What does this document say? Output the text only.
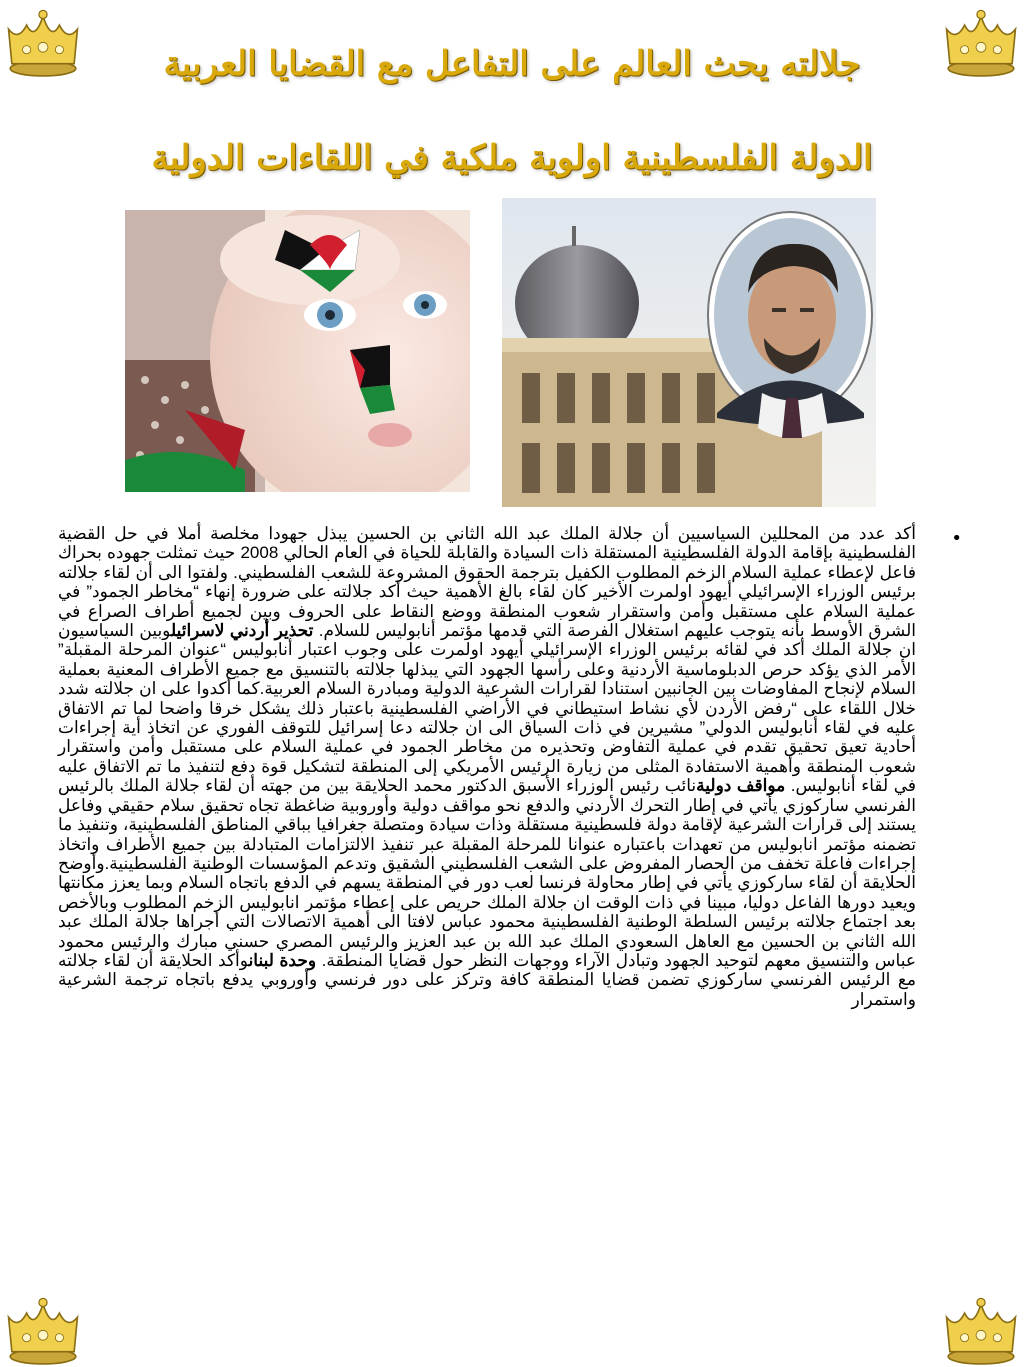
جلالته يحث العالم على التفاعل مع القضايا العربية
الدولة الفلسطينية اولوية ملكية في اللقاءات الدولية
•

أكد عدد من المحللين السياسيين أن جلالة الملك عبد الله الثاني بن الحسين يبذل جهودا مخلصة أملا في حل القضية الفلسطينية بإقامة الدولة الفلسطينية المستقلة ذات السيادة والقابلة للحياة في العام الحالي 2008 حيث تمثلت جهوده بحراك فاعل لإعطاء عملية السلام الزخم المطلوب الكفيل بترجمة الحقوق المشروعة للشعب الفلسطيني. ولفتوا الى أن لقاء جلالته برئيس الوزراء الإسرائيلي أيهود اولمرت الأخير كان لقاء بالغ الأهمية حيث أكد جلالته على ضرورة إنهاء “مخاطر الجمود” في عملية السلام على مستقبل وأمن واستقرار شعوب المنطقة ووضع النقاط على الحروف وبين لجميع أطراف الصراع في الشرق الأوسط بأنه يتوجب عليهم استغلال الفرصة التي قدمها مؤتمر أنابوليس للسلام. تحذير أردني لاسرائيلوبين السياسيون ان جلالة الملك أكد في لقائه برئيس الوزراء الإسرائيلي أيهود اولمرت على وجوب اعتبار أنابوليس “عنوان المرحلة المقبلة” الأمر الذي يؤكد حرص الدبلوماسية الأردنية وعلى رأسها الجهود التي يبذلها جلالته بالتنسيق مع جميع الأطراف المعنية بعملية السلام لإنجاح المفاوضات بين الجانبين استنادا لقرارات الشرعية الدولية ومبادرة السلام العربية.كما أكدوا على ان جلالته شدد خلال اللقاء على “رفض الأردن لأي نشاط استيطاني في الأراضي الفلسطينية باعتبار ذلك يشكل خرقا واضحا لما تم الاتفاق عليه في لقاء أنابوليس الدولي” مشيرين في ذات السياق الى ان جلالته دعا إسرائيل للتوقف الفوري عن اتخاذ أية إجراءات أحادية تعيق تحقيق تقدم في عملية التفاوض وتحذيره من مخاطر الجمود في عملية السلام على مستقبل وأمن واستقرار شعوب المنطقة وأهمية الاستفادة المثلى من زيارة الرئيس الأمريكي إلى المنطقة لتشكيل قوة دفع لتنفيذ ما تم الاتفاق عليه في لقاء أنابوليس. مواقف دوليةنائب رئيس الوزراء الأسبق الدكتور محمد الحلايقة بين من جهته أن لقاء جلالة الملك بالرئيس الفرنسي ساركوزي يأتي في إطار التحرك الأردني والدفع نحو مواقف دولية وأوروبية ضاغطة تجاه تحقيق سلام حقيقي وفاعل يستند إلى قرارات الشرعية لإقامة دولة فلسطينية مستقلة وذات سيادة ومتصلة جغرافيا بباقي المناطق الفلسطينية، وتنفيذ ما تضمنه مؤتمر انابوليس من تعهدات باعتباره عنوانا للمرحلة المقبلة عبر تنفيذ الالتزامات المتبادلة بين جميع الأطراف واتخاذ إجراءات فاعلة تخفف من الحصار المفروض على الشعب الفلسطيني الشقيق وتدعم المؤسسات الوطنية الفلسطينية.وأوضح الحلايقة أن لقاء ساركوزي يأتي في إطار محاولة فرنسا لعب دور في المنطقة يسهم في الدفع باتجاه السلام وبما يعزز مكانتها ويعيد دورها الفاعل دوليا، مبينا في ذات الوقت ان جلالة الملك حريص على إعطاء مؤتمر انابوليس الزخم المطلوب وبالأخص بعد اجتماع جلالته برئيس السلطة الوطنية الفلسطينية محمود عباس لافتا الى أهمية الاتصالات التي أجراها جلالة الملك عبد الله الثاني بن الحسين مع العاهل السعودي الملك عبد الله بن عبد العزيز والرئيس المصري حسني مبارك والرئيس محمود عباس والتنسيق معهم لتوحيد الجهود وتبادل الآراء ووجهات النظر حول قضايا المنطقة. وحدة لبنانوأكد الحلايقة أن لقاء جلالته مع الرئيس الفرنسي ساركوزي تضمن قضايا المنطقة كافة وتركز على دور فرنسي وأوروبي يدفع باتجاه ترجمة الشرعية واستمرار
